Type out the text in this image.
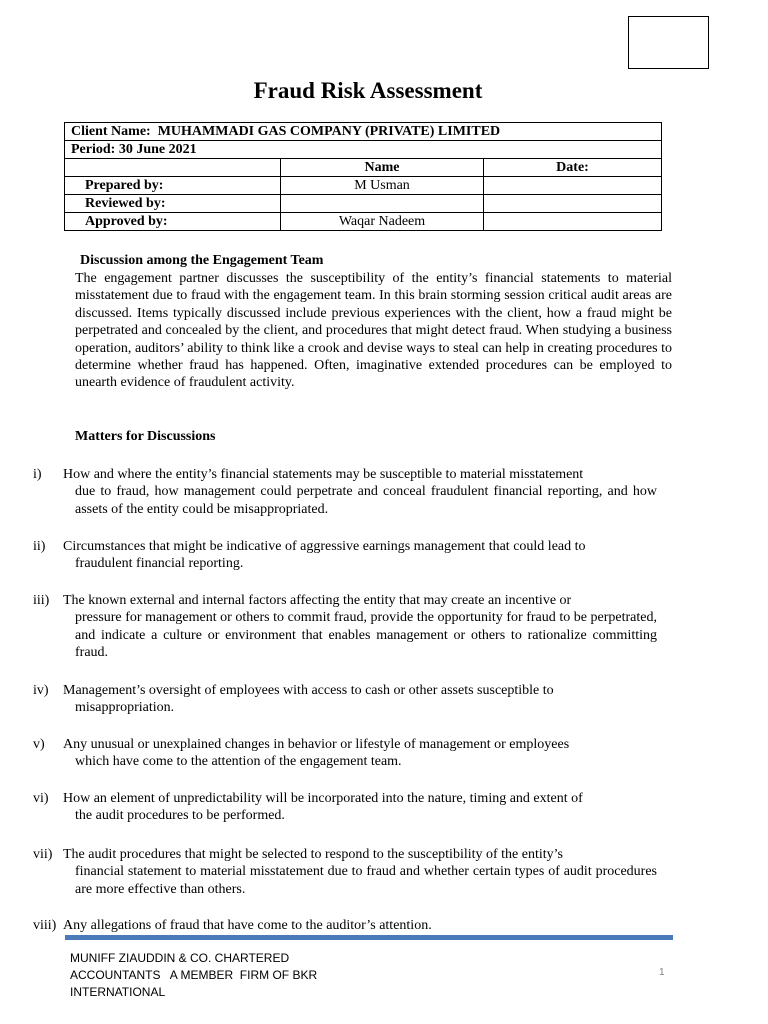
Fraud Risk Assessment
Client Name: MUHAMMADI GAS COMPANY (PRIVATE) LIMITED		
Period: 30 June 2021		
	Name	Date:
Prepared by:	M Usman	
Reviewed by:		
Approved by:	Waqar Nadeem	
Discussion among the Engagement Team
The engagement partner discusses the susceptibility of the entity’s financial statements to material misstatement due to fraud with the engagement team. In this brain storming session critical audit areas are discussed. Items typically discussed include previous experiences with the client, how a fraud might be perpetrated and concealed by the client, and procedures that might detect fraud. When studying a business operation, auditors’ ability to think like a crook and devise ways to steal can help in creating procedures to determine whether fraud has happened. Often, imaginative extended procedures can be employed to unearth evidence of fraudulent activity.
Matters for Discussions
i) How and where the entity’s financial statements may be susceptible to material misstatement
due to fraud, how management could perpetrate and conceal fraudulent financial reporting, and how assets of the entity could be misappropriated.
ii) Circumstances that might be indicative of aggressive earnings management that could lead to
fraudulent financial reporting.
iii) The known external and internal factors affecting the entity that may create an incentive or
pressure for management or others to commit fraud, provide the opportunity for fraud to be perpetrated, and indicate a culture or environment that enables management or others to rationalize committing fraud.
iv) Management’s oversight of employees with access to cash or other assets susceptible to
misappropriation.
v) Any unusual or unexplained changes in behavior or lifestyle of management or employees
which have come to the attention of the engagement team.
vi) How an element of unpredictability will be incorporated into the nature, timing and extent of
the audit procedures to be performed.
vii) The audit procedures that might be selected to respond to the susceptibility of the entity’s
financial statement to material misstatement due to fraud and whether certain types of audit procedures are more effective than others.
viii) Any allegations of fraud that have come to the auditor’s attention.
MUNIFF ZIAUDDIN & CO. CHARTERED
ACCOUNTANTS   A MEMBER  FIRM OF BKR
INTERNATIONAL
1
